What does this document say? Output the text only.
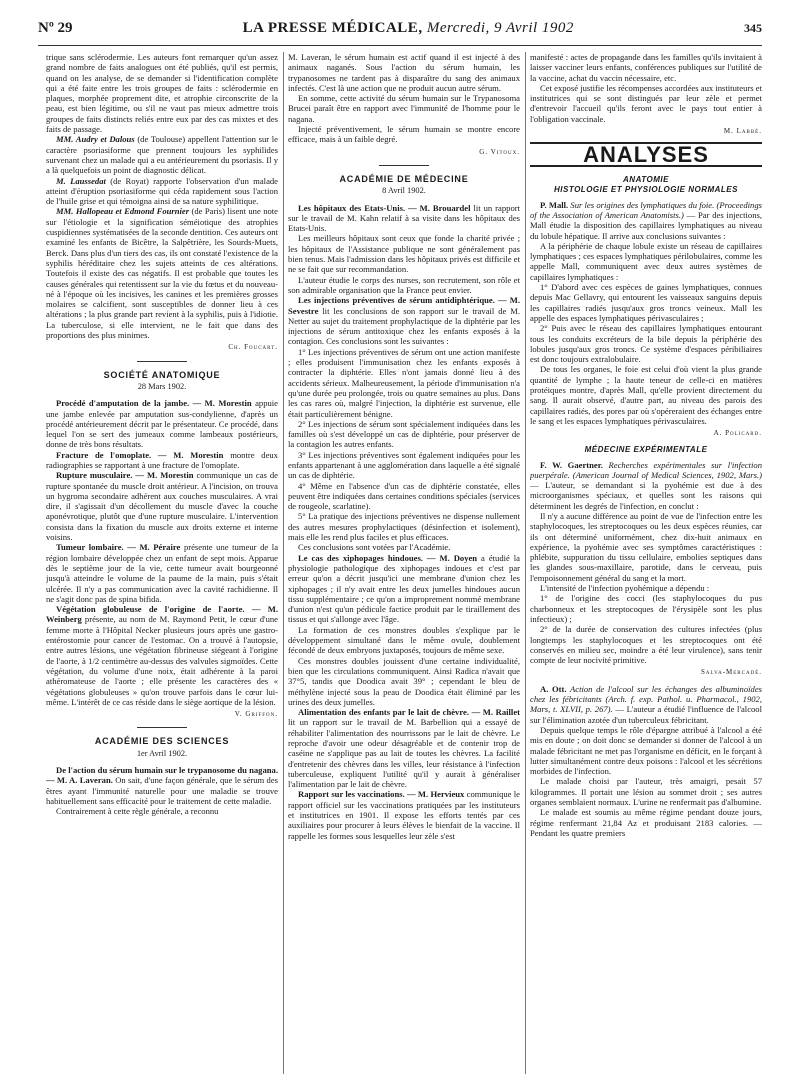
Nº 29	LA PRESSE MÉDICALE, Mercredi, 9 Avril 1902	345

trique sans sclérodermie. Les auteurs font remarquer qu'un assez grand nombre de faits analogues ont été publiés, qu'il est permis, quand on les analyse, de se demander si l'identification complète qui a été faite entre les trois groupes de faits : sclérodermie en plaques, morphée proprement dite, et atrophie circonscrite de la peau, est bien légitime, ou s'il ne vaut pas mieux admettre trois groupes de faits distincts reliés entre eux par des cas mixtes et des faits de passage.

MM. Audry et Dalous (de Toulouse) appellent l'attention sur le caractère psoriasiforme que prennent toujours les syphilides survenant chez un malade qui a eu antérieurement du psoriasis. Il y a là quelquefois un point de diagnostic délicat.

M. Laussedat (de Royat) rapporte l'observation d'un malade atteint d'éruption psoriasiforme qui céda rapidement sous l'action de l'huile grise et qui témoigna ainsi de sa nature syphilitique.

MM. Hallopeau et Edmond Fournier (de Paris) lisent une note sur l'étiologie et la signification séméiotique des atrophies cuspidiennes systématisées de la seconde dentition. Ces auteurs ont examiné les enfants de Bicêtre, la Salpêtrière, les Sourds-Muets, Berck. Dans plus d'un tiers des cas, ils ont constaté l'existence de la syphilis héréditaire chez les sujets atteints de ces altérations. Toutefois il existe des cas négatifs. Il est probable que toutes les causes générales qui retentissent sur la vie du fœtus et du nouveau-né à l'époque où les incisives, les canines et les premières grosses molaires se calcifient, sont susceptibles de donner lieu à ces altérations ; la plus grande part revient à la syphilis, puis à l'idiotie. La tuberculose, si elle intervient, ne le fait que dans des proportions des plus minimes.

Ch. Foucart.
SOCIÉTÉ ANATOMIQUE
28 Mars 1902.

Procédé d'amputation de la jambe. — M. Morestin appuie une jambe enlevée par amputation sus-condylienne, d'après un procédé antérieurement décrit par le présentateur. Ce procédé, dans lequel l'on se sert des jumeaux comme lambeaux postérieurs, donne de très bons résultats.

Fracture de l'omoplate. — M. Morestin montre deux radiographies se rapportant à une fracture de l'omoplate.

Rupture musculaire. — M. Morestin communique un cas de rupture spontanée du muscle droit antérieur. A l'incision, on trouva un hygroma secondaire adhérent aux couches musculaires. A vrai dire, il s'agissait d'un décollement du muscle d'avec la couche aponévrotique, plutôt que d'une rupture musculaire. L'intervention consista dans la fixation du muscle aux droits externe et interne voisins.

Tumeur lombaire. — M. Péraire présente une tumeur de la région lombaire développée chez un enfant de sept mois. Apparue dès le septième jour de la vie, cette tumeur avait bourgeonné jusqu'à atteindre le volume de la paume de la main, puis s'était ulcérée. Il n'y a pas communication avec la cavité rachidienne. Il ne s'agit donc pas de spina bifida.

Végétation globuleuse de l'origine de l'aorte. — M. Weinberg présente, au nom de M. Raymond Petit, le cœur d'une femme morte à l'Hôpital Necker plusieurs jours après une gastro-entérostomie pour cancer de l'estomac. On a trouvé à l'autopsie, entre autres lésions, une végétation fibrineuse siégeant à l'origine de l'aorte, à 1/2 centimètre au-dessus des valvules sigmoïdes. Cette végétation, du volume d'une noix, était adhérente à la paroi athéromateuse de l'aorte ; elle présente les caractères des « végétations globuleuses » qu'on trouve parfois dans le cœur lui-même. L'intérêt de ce cas réside dans le siège aortique de la lésion.

V. Griffon.
ACADÉMIE DES SCIENCES
1er Avril 1902.

De l'action du sérum humain sur le trypanosome du nagana. — M. A. Laveran. On sait, d'une façon générale, que le sérum des êtres ayant l'immunité naturelle pour une maladie se trouve habituellement sans efficacité pour le traitement de cette maladie.

Contrairement à cette règle générale, a reconnu

M. Laveran, le sérum humain est actif quand il est injecté à des animaux naganés. Sous l'action du sérum humain, les trypanosomes ne tardent pas à disparaître du sang des animaux infectés. C'est là une action que ne produit aucun autre sérum.

En somme, cette activité du sérum humain sur le Trypanosoma Brucei paraît être en rapport avec l'immunité de l'homme pour le nagana.

Injecté préventivement, le sérum humain se montre encore efficace, mais à un faible degré.

G. Vitoux.
ACADÉMIE DE MÉDECINE
8 Avril 1902.

Les hôpitaux des Etats-Unis. — M. Brouardel lit un rapport sur le travail de M. Kahn relatif à sa visite dans les hôpitaux des Etats-Unis.

Les meilleurs hôpitaux sont ceux que fonde la charité privée ; les hôpitaux de l'Assistance publique ne sont généralement pas bien tenus. Mais l'admission dans les hôpitaux privés est difficile et ne se fait que sur recommandation.

L'auteur étudie le corps des nurses, son recrutement, son rôle et son admirable organisation que la France peut envier.

Les injections préventives de sérum antidiphtérique. — M. Sevestre lit les conclusions de son rapport sur le travail de M. Netter au sujet du traitement prophylactique de la diphtérie par les injections de sérum antitoxique chez les enfants exposés à la contagion. Ces conclusions sont les suivantes :

1° Les injections préventives de sérum ont une action manifeste ; elles produisent l'immunisation chez les enfants exposés à contracter la diphtérie. Elles n'ont jamais donné lieu à des accidents sérieux. Malheureusement, la période d'immunisation n'a qu'une durée peu prolongée, trois ou quatre semaines au plus. Dans les cas rares où, malgré l'injection, la diphtérie est survenue, elle était particulièrement bénigne.

2° Les injections de sérum sont spécialement indiquées dans les familles où s'est développé un cas de diphtérie, pour préserver de la contagion les autres enfants.

3° Les injections préventives sont également indiquées pour les enfants appartenant à une agglomération dans laquelle a été signalé un cas de diphtérie.

4° Même en l'absence d'un cas de diphtérie constatée, elles peuvent être indiquées dans certaines conditions spéciales (services de rougeole, scarlatine).

5° La pratique des injections préventives ne dispense nullement des autres mesures prophylactiques (désinfection et isolement), mais elle les rend plus faciles et plus efficaces.

Ces conclusions sont votées par l'Académie.

Le cas des xiphopages hindoues. — M. Doyen a étudié la physiologie pathologique des xiphopages indoues et c'est par erreur qu'on a décrit jusqu'ici une membrane d'union chez les xiphopages ; il n'y avait entre les deux jumelles hindoues aucun tissu supplémentaire ; ce qu'on a improprement nommé membrane d'union n'est qu'un pédicule factice produit par le tiraillement des tissus et qui s'allonge avec l'âge.

La formation de ces monstres doubles s'explique par le développement simultané dans le même ovule, doublement fécondé de deux embryons juxtaposés, toujours de même sexe.

Ces monstres doubles jouissent d'une certaine individualité, bien que les circulations communiquent. Ainsi Radica n'avait que 37°5, tandis que Doodica avait 39° ; cependant le bleu de méthylène injecté sous la peau de Doodica était éliminé par les urines des deux jumelles.

Alimentation des enfants par le lait de chèvre. — M. Raillet lit un rapport sur le travail de M. Barbellion qui a essayé de réhabiliter l'alimentation des nourrissons par le lait de chèvre. Le reproche d'avoir une odeur désagréable et de contenir trop de caséine ne s'applique pas au lait de toutes les chèvres. La facilité d'entretenir des chèvres dans les villes, leur résistance à l'infection tuberculeuse, expliquent l'utilité qu'il y aurait à généraliser l'alimentation par le lait de chèvre.

Rapport sur les vaccinations. — M. Hervieux communique le rapport officiel sur les vaccinations pratiquées par les instituteurs et institutrices en 1901. Il expose les efforts tentés par ces auxiliaires pour procurer à leurs élèves le bienfait de la vaccine. Il rappelle les formes sous lesquelles leur zèle s'est

manifesté : actes de propagande dans les familles qu'ils invitaient à laisser vacciner leurs enfants, conférences publiques sur l'utilité de la vaccine, achat du vaccin nécessaire, etc.

Cet exposé justifie les récompenses accordées aux instituteurs et institutrices qui se sont distingués par leur zèle et permet d'entrevoir l'accueil qu'ils feront avec le pays tout entier à l'obligation vaccinale.

M. Labbé.
ANALYSES
ANATOMIE
HISTOLOGIE ET PHYSIOLOGIE NORMALES

P. Mall. Sur les origines des lymphatiques du foie. (Proceedings of the Association of American Anatomists.) — Par des injections, Mall étudie la disposition des capillaires lymphatiques au niveau du lobule hépatique. Il arrive aux conclusions suivantes :

A la périphérie de chaque lobule existe un réseau de capillaires lymphatiques ; ces espaces lymphatiques périlobulaires, comme les appelle Mall, communiquent avec deux autres systèmes de capillaires lymphatiques :

1° D'abord avec ces espèces de gaines lymphatiques, connues depuis Mac Gellavry, qui entourent les vaisseaux sanguins depuis les capillaires radiés jusqu'aux gros troncs veineux. Mall les appelle des espaces lymphatiques périvasculaires ;

2° Puis avec le réseau des capillaires lymphatiques entourant tous les conduits excréteurs de la bile depuis la périphérie des lobules jusqu'aux gros troncs. Ce système d'espaces péribiliaires est donc toujours extralobulaire.

De tous les organes, le foie est celui d'où vient la plus grande quantité de lymphe ; la haute teneur de celle-ci en matières protéiques montre, d'après Mall, qu'elle provient directement du sang. Il aurait observé, d'autre part, au niveau des parois des capillaires radiés, des pores par où s'opéreraient des échanges entre le sang et les espaces lymphatiques périvasculaires.

A. Policard.
MÉDECINE EXPÉRIMENTALE

F. W. Gaertner. Recherches expérimentales sur l'infection puerpérale. (American Journal of Medical Sciences, 1902, Mars.) — L'auteur, se demandant si la pyohémie est due à des microorganismes spéciaux, et quelles sont les raisons qui déterminent les degrés de l'infection, en conclut :

Il n'y a aucune différence au point de vue de l'infection entre les staphylocoques, les streptocoques ou les deux espèces réunies, car ils ont déterminé uniformément, chez dix-huit animaux en expérience, la pyohémie avec ses symptômes caractéristiques : phlébite, suppuration du tissu cellulaire, embolies septiques dans les glandes sous-maxillaire, parotide, dans le cerveau, puis l'empoisonnement général du sang et la mort.

L'intensité de l'infection pyohémique a dépendu :

1° de l'origine des cocci (les staphylocoques du pus charbonneux et les streptocoques de l'érysipèle sont les plus infectieux) ;

2° de la durée de conservation des cultures infectées (plus longtemps les staphylocoques et les streptocoques ont été conservés en milieu sec, moindre a été leur virulence), sans tenir compte de leur nocivité primitive.

Salva-Mercadé.

A. Ott. Action de l'alcool sur les échanges des albuminoïdes chez les fébricitants (Arch. f. exp. Pathol. u. Pharmacol., 1902, Mars, t. XLVII, p. 267). — L'auteur a étudié l'influence de l'alcool sur l'élimination azotée d'un tuberculeux fébricitant.

Depuis quelque temps le rôle d'épargne attribué à l'alcool a été mis en doute ; on doit donc se demander si donner de l'alcool à un malade fébricitant ne met pas l'organisme en déficit, en le forçant à lutter simultanément contre deux poisons : l'alcool et les sécrétions morbides de l'infection.

Le malade choisi par l'auteur, très amaigri, pesait 57 kilogrammes. Il portait une lésion au sommet droit ; ses autres organes semblaient normaux. L'urine ne renfermait pas d'albumine.

Le malade est soumis au même régime pendant douze jours, régime renfermant 21,84 Az et produisant 2183 calories. — Pendant les quatre premiers
